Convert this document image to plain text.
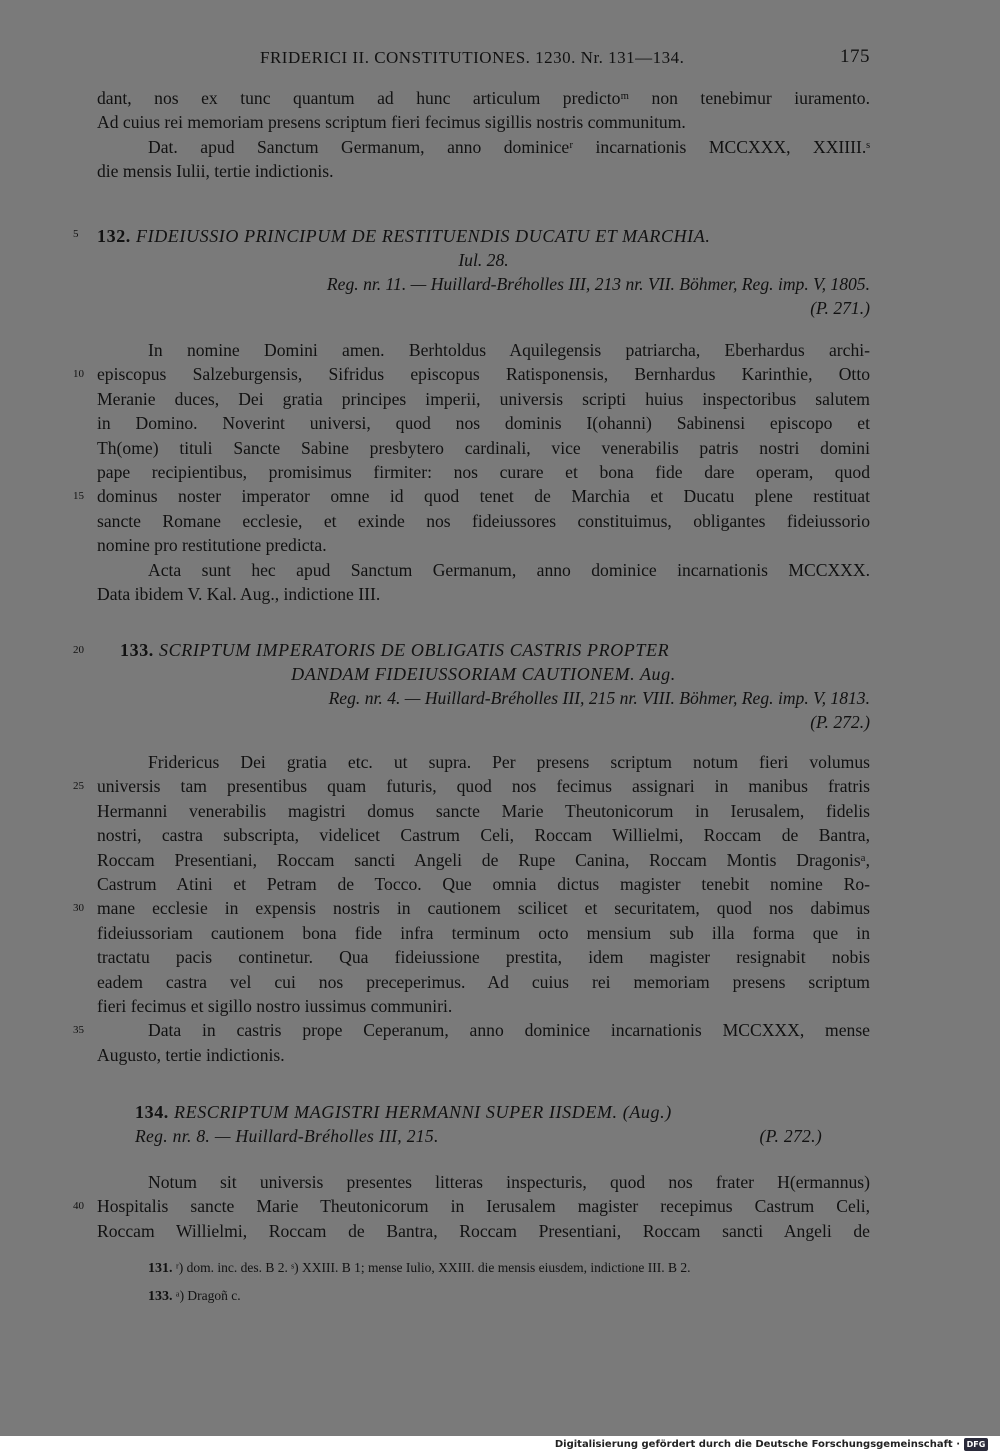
FRIDERICI II. CONSTITUTIONES. 1230. Nr. 131—134.	175
dant, nos ex tunc quantum ad hunc articulum predictoᵐ non tenebimur iuramento.
Ad cuius rei memoriam presens scriptum fieri fecimus sigillis nostris communitum.
Dat. apud Sanctum Germanum, anno dominiceʳ incarnationis MCCXXX, XXIIII.ˢ
die mensis Iulii, tertie indictionis.
5 132. FIDEIUSSIO PRINCIPUM DE RESTITUENDIS DUCATU ET MARCHIA.
Iul. 28.
Reg. nr. 11. — Huillard-Bréholles III, 213 nr. VII. Böhmer, Reg. imp. V, 1805.
(P. 271.)
10
15
In nomine Domini amen. Berhtoldus Aquilegensis patriarcha, Eberhardus archi-
episcopus Salzeburgensis, Sifridus episcopus Ratisponensis, Bernhardus Karinthie, Otto
Meranie duces, Dei gratia principes imperii, universis scripti huius inspectoribus salutem
in Domino. Noverint universi, quod nos dominis I(ohanni) Sabinensi episcopo et
Th(ome) tituli Sancte Sabine presbytero cardinali, vice venerabilis patris nostri domini
pape recipientibus, promisimus firmiter: nos curare et bona fide dare operam, quod
dominus noster imperator omne id quod tenet de Marchia et Ducatu plene restituat
sancte Romane ecclesie, et exinde nos fideiussores constituimus, obligantes fideiussorio
nomine pro restitutione predicta.
Acta sunt hec apud Sanctum Germanum, anno dominice incarnationis MCCXXX.
Data ibidem V. Kal. Aug., indictione III.
20	133. SCRIPTUM IMPERATORIS DE OBLIGATIS CASTRIS PROPTER
DANDAM FIDEIUSSORIAM CAUTIONEM. Aug.
Reg. nr. 4. — Huillard-Bréholles III, 215 nr. VIII. Böhmer, Reg. imp. V, 1813.
(P. 272.)
25
30
35
Fridericus Dei gratia etc. ut supra. Per presens scriptum notum fieri volumus
universis tam presentibus quam futuris, quod nos fecimus assignari in manibus fratris
Hermanni venerabilis magistri domus sancte Marie Theutonicorum in Ierusalem, fidelis
nostri, castra subscripta, videlicet Castrum Celi, Roccam Willielmi, Roccam de Bantra,
Roccam Presentiani, Roccam sancti Angeli de Rupe Canina, Roccam Montis Dragonisᵃ,
Castrum Atini et Petram de Tocco. Que omnia dictus magister tenebit nomine Ro-
mane ecclesie in expensis nostris in cautionem scilicet et securitatem, quod nos dabimus
fideiussoriam cautionem bona fide infra terminum octo mensium sub illa forma que in
tractatu pacis continetur. Qua fideiussione prestita, idem magister resignabit nobis
eadem castra vel cui nos preceperimus. Ad cuius rei memoriam presens scriptum
fieri fecimus et sigillo nostro iussimus communiri.
Data in castris prope Ceperanum, anno dominice incarnationis MCCXXX, mense
Augusto, tertie indictionis.
134. RESCRIPTUM MAGISTRI HERMANNI SUPER IISDEM. (Aug.)
Reg. nr. 8. — Huillard-Bréholles III, 215.	(P. 272.)
40
Notum sit universis presentes litteras inspecturis, quod nos frater H(ermannus)
Hospitalis sancte Marie Theutonicorum in Ierusalem magister recepimus Castrum Celi,
Roccam Willielmi, Roccam de Bantra, Roccam Presentiani, Roccam sancti Angeli de
131. ʳ) dom. inc. des. B 2. ˢ) XXIII. B 1; mense Iulio, XXIII. die mensis eiusdem, indictione III. B 2.
133. ᵃ) Dragoñ c.
Digitalisierung gefördert durch die Deutsche Forschungsgemeinschaft · DFG
